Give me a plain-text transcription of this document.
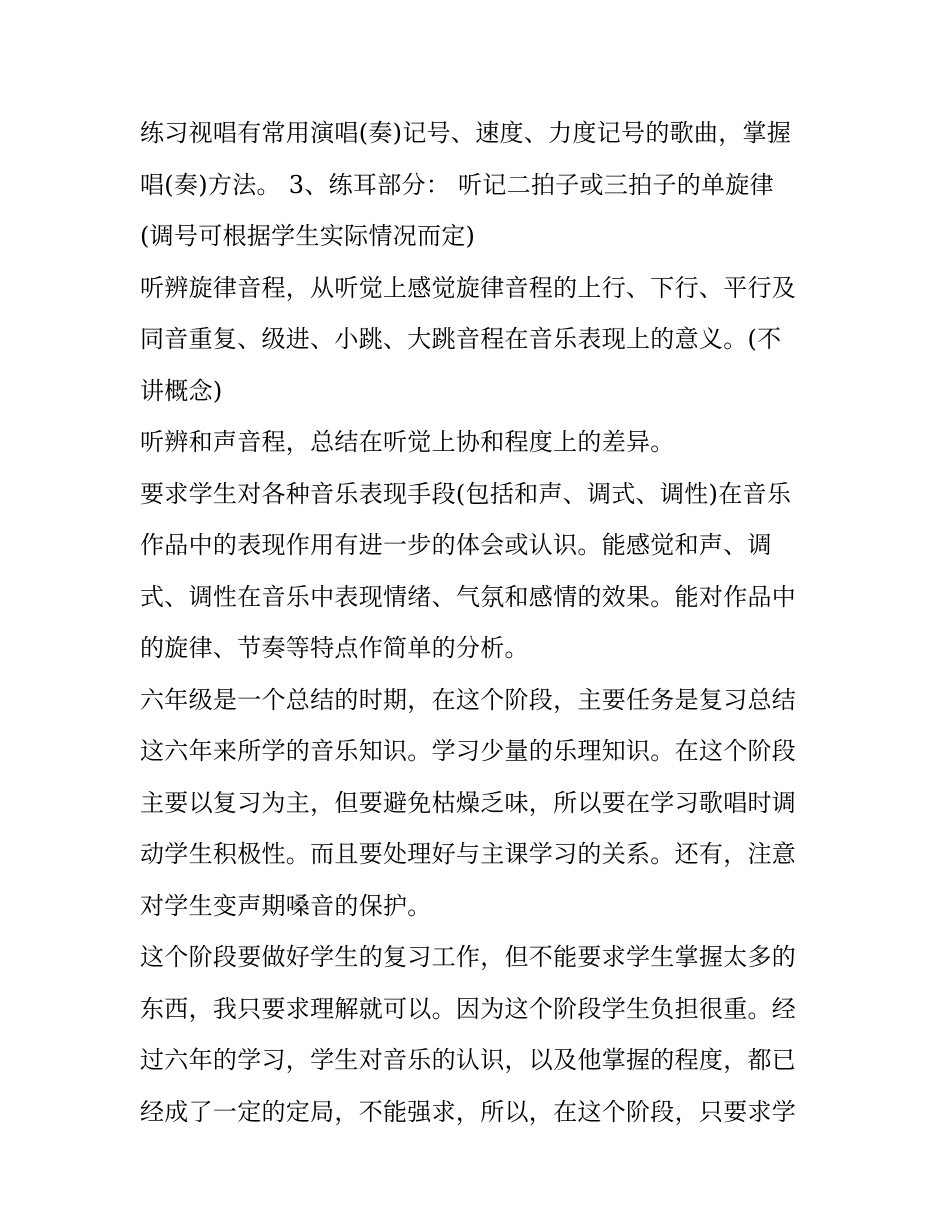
练习视唱有常用演唱(奏)记号、速度、力度记号的歌曲，掌握

唱(奏)方法。 3、练耳部分： 听记二拍子或三拍子的单旋律

(调号可根据学生实际情况而定)

听辨旋律音程，从听觉上感觉旋律音程的上行、下行、平行及

同音重复、级进、小跳、大跳音程在音乐表现上的意义。(不

讲概念)

听辨和声音程，总结在听觉上协和程度上的差异。

要求学生对各种音乐表现手段(包括和声、调式、调性)在音乐

作品中的表现作用有进一步的体会或认识。能感觉和声、调

式、调性在音乐中表现情绪、气氛和感情的效果。能对作品中

的旋律、节奏等特点作简单的分析。

六年级是一个总结的时期，在这个阶段，主要任务是复习总结

这六年来所学的音乐知识。学习少量的乐理知识。在这个阶段

主要以复习为主，但要避免枯燥乏味，所以要在学习歌唱时调

动学生积极性。而且要处理好与主课学习的关系。还有，注意

对学生变声期嗓音的保护。

这个阶段要做好学生的复习工作，但不能要求学生掌握太多的

东西，我只要求理解就可以。因为这个阶段学生负担很重。经

过六年的学习，学生对音乐的认识，以及他掌握的程度，都已

经成了一定的定局，不能强求，所以，在这个阶段，只要求学
